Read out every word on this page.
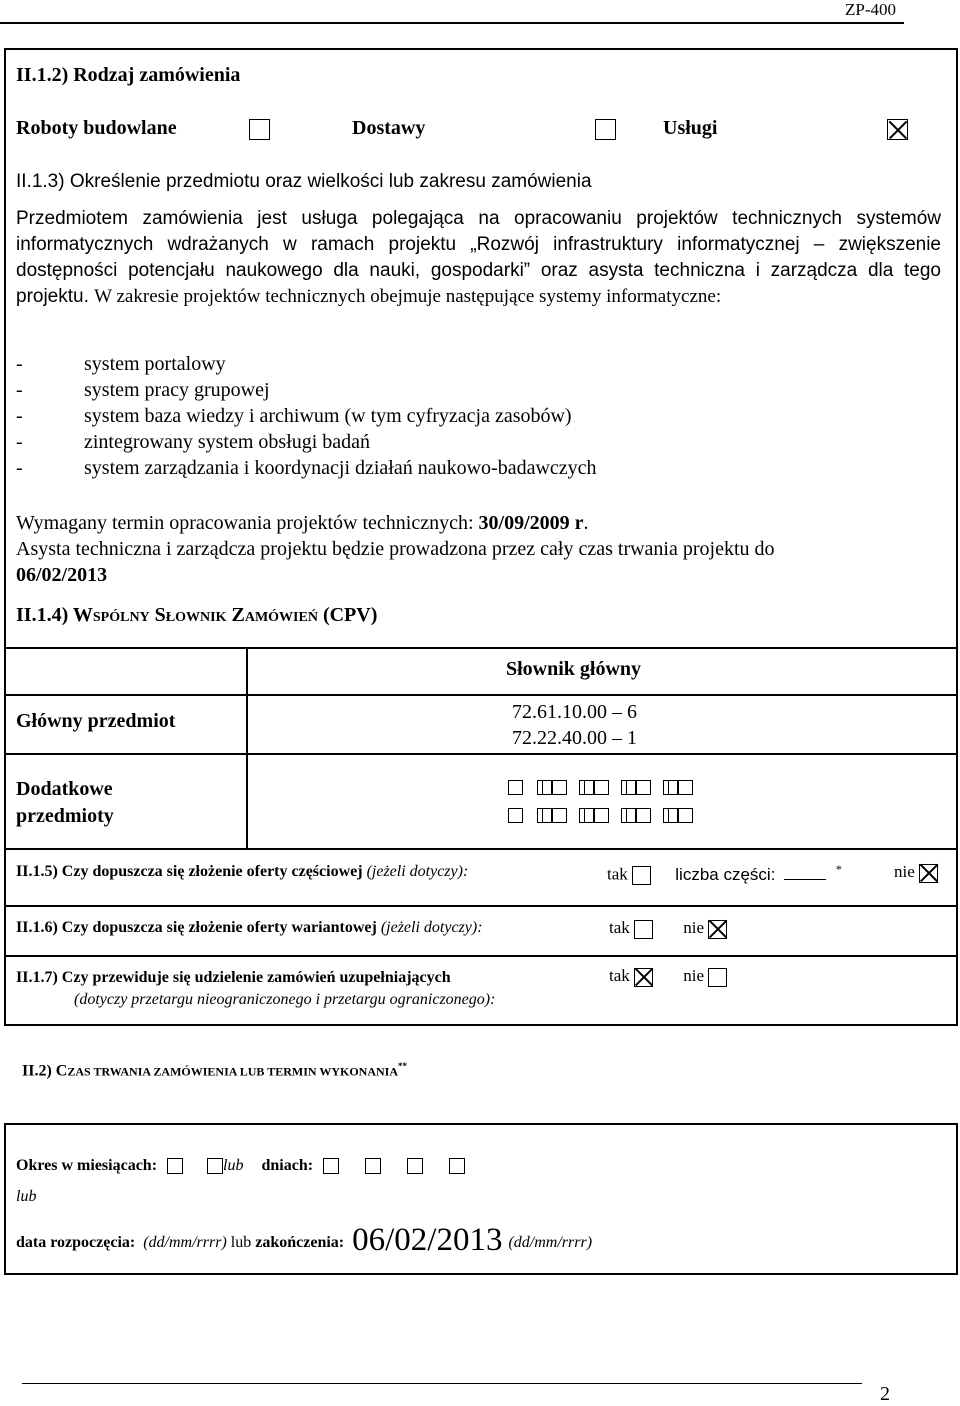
ZP-400
II.1.2) Rodzaj zamówienia
Roboty budowlane
	Dostawy
	Usługi
II.1.3) Określenie przedmiotu oraz wielkości lub zakresu zamówienia
Przedmiotem zamówienia jest usługa polegająca na opracowaniu projektów technicznych systemów informatycznych wdrażanych w ramach projektu „Rozwój infrastruktury informatycznej – zwiększenie dostępności potencjału naukowego dla nauki, gospodarki” oraz asysta techniczna i zarządcza dla tego projektu. W zakresie projektów technicznych obejmuje następujące systemy informatyczne:
-	system portalowy
-	system pracy grupowej
-	system baza wiedzy i archiwum (w tym cyfryzacja zasobów)
-	zintegrowany system obsługi badań
-	system zarządzania i koordynacji działań naukowo-badawczych
Wymagany termin opracowania projektów technicznych: 30/09/2009 r.
Asysta techniczna i zarządcza projektu będzie prowadzona przez cały czas trwania projektu do
06/02/2013
II.1.4) WSPÓLNY SŁOWNIK ZAMÓWIEŃ (CPV)
Słownik główny
Główny przedmiot	72.61.10.00 – 6
72.22.40.00 – 1
Dodatkowe
przedmioty
II.1.5) Czy dopuszcza się złożenie oferty częściowej (jeżeli dotyczy):	tak	liczba części:	*	nie
II.1.6) Czy dopuszcza się złożenie oferty wariantowej (jeżeli dotyczy):	tak	nie
II.1.7) Czy przewiduje się udzielenie zamówień uzupełniających
(dotyczy przetargu nieograniczonego i przetargu ograniczonego):
tak	nie
II.2) CZAS TRWANIA ZAMÓWIENIA LUB TERMIN WYKONANIA**
Okres w miesiącach:	lub dniach:
lub
data rozpoczęcia: (dd/mm/rrrr) lub zakończenia: 06/02/2013 (dd/mm/rrrr)
2
